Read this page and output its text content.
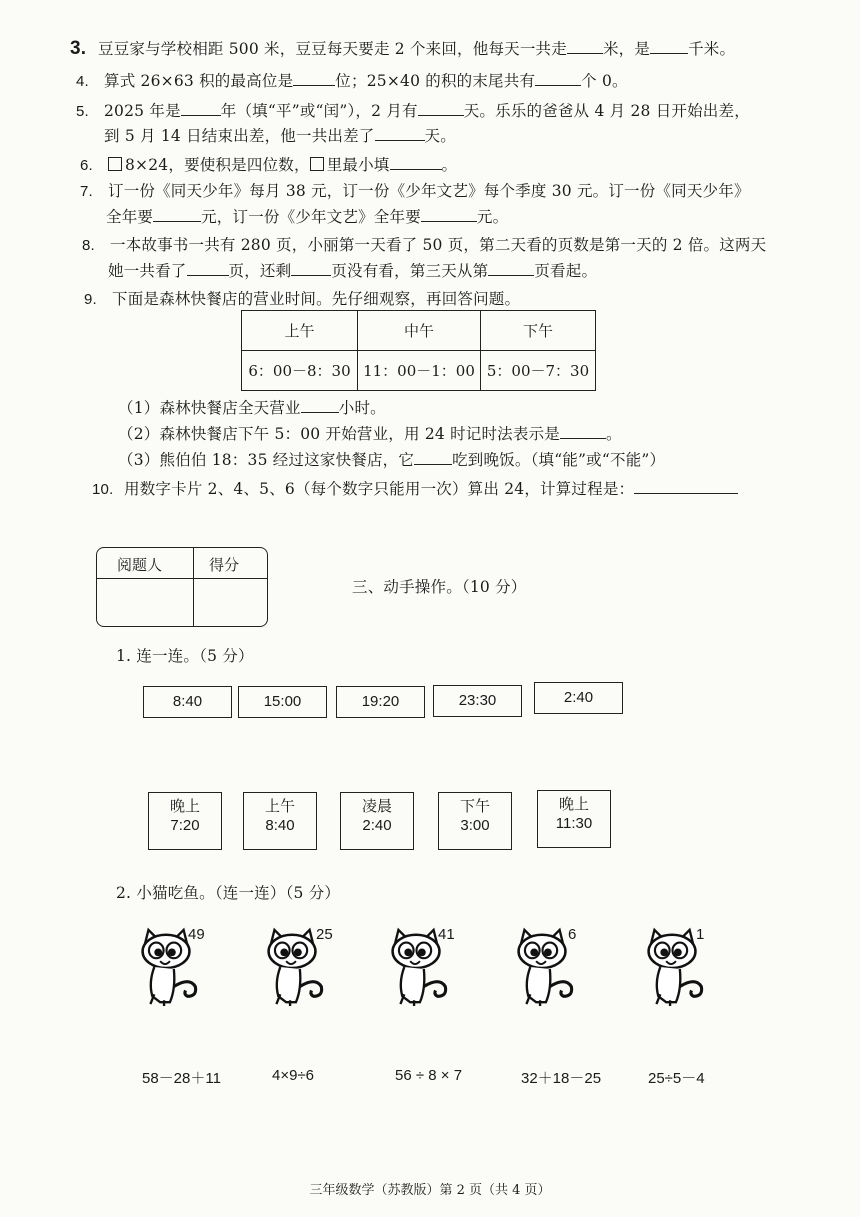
3. 豆豆家与学校相距 500 米，豆豆每天要走 2 个来回，他每天一共走 米，是 千米。
4. 算式 26×63 积的最高位是	位；25×40 的积的末尾共有	个 0。
5. 2025 年是	年（填“平”或“闰”），2 月有	天。乐乐的爸爸从 4 月 28 日开始出差，
到 5 月 14 日结束出差，他一共出差了	天。
6. 8×24，要使积是四位数， 里最小填	。
7. 订一份《同天少年》每月 38 元，订一份《少年文艺》每个季度 30 元。订一份《同天少年》
全年要	元，订一份《少年文艺》全年要	元。
8. 一本故事书一共有 280 页，小丽第一天看了 50 页，第二天看的页数是第一天的 2 倍。这两天
她一共看了	页，还剩	页没有看，第三天从第	页看起。
9. 下面是森林快餐店的营业时间。先仔细观察，再回答问题。
上午	中午	下午
6：00－8：30	11：00－1：00	5：00－7：30
（1）森林快餐店全天营业 小时。
（2）森林快餐店下午 5：00 开始营业，用 24 时记时法表示是	。
（3）熊伯伯 18：35 经过这家快餐店，它 吃到晚饭。（填“能”或“不能”）
10. 用数字卡片 2、4、5、6（每个数字只能用一次）算出 24，计算过程是：
阅题人	得分
三、动手操作。（10 分）
1. 连一连。（5 分）
8:40	15:00	19:20	23:30	2:40
晚上
7:20
上午
8:40
凌晨
2:40
下午
3:00
晚上
11:30
2. 小猫吃鱼。（连一连）（5 分）
49	25	41	6	1
58－28＋11	4×9÷6	56 ÷ 8 × 7	32＋18－25	25÷5－4
三年级数学（苏教版）第 2 页（共 4 页）
